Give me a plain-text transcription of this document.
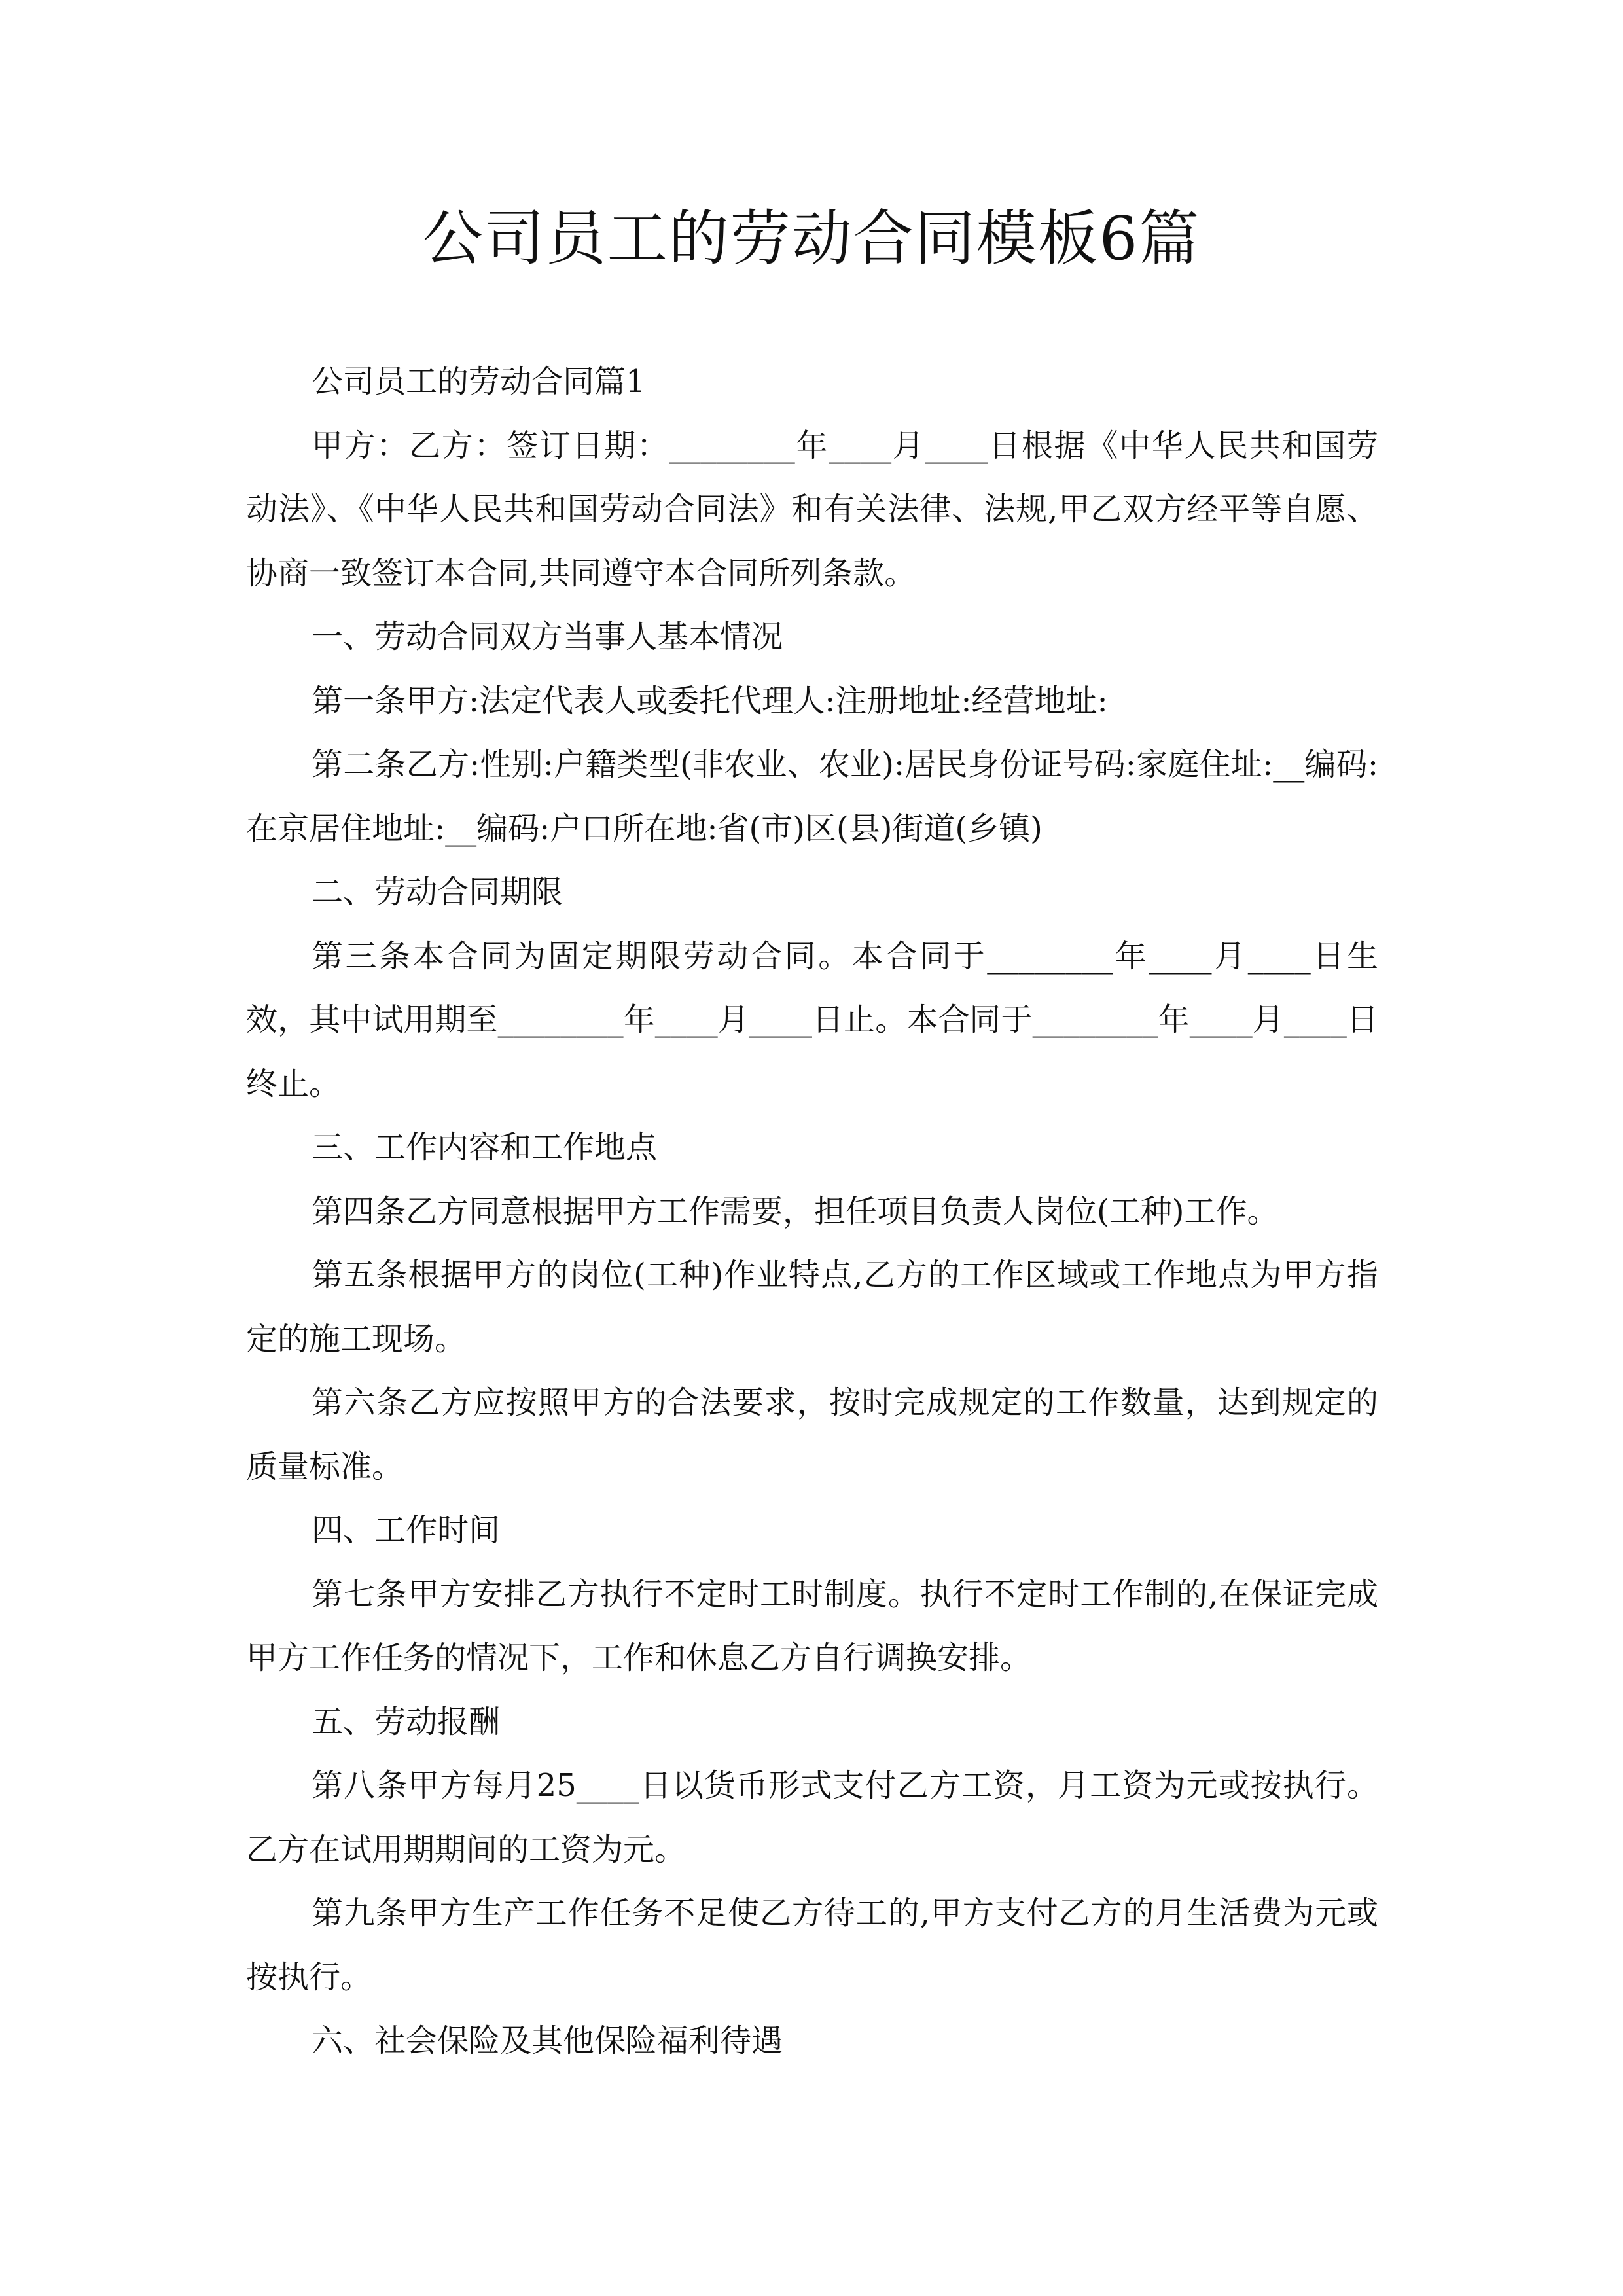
公司员工的劳动合同模板6篇

公司员工的劳动合同篇1

甲方：乙方：签订日期：________年____月____日根据《中华人民共和国劳动法》、《中华人民共和国劳动合同法》和有关法律、法规,甲乙双方经平等自愿、协商一致签订本合同,共同遵守本合同所列条款。

一、劳动合同双方当事人基本情况

第一条甲方:法定代表人或委托代理人:注册地址:经营地址:

第二条乙方:性别:户籍类型(非农业、农业):居民身份证号码:家庭住址:__编码:在京居住地址:__编码:户口所在地:省(市)区(县)街道(乡镇)

二、劳动合同期限

第三条本合同为固定期限劳动合同。本合同于________年____月____日生效，其中试用期至________年____月____日止。本合同于________年____月____日终止。

三、工作内容和工作地点

第四条乙方同意根据甲方工作需要，担任项目负责人岗位(工种)工作。

第五条根据甲方的岗位(工种)作业特点,乙方的工作区域或工作地点为甲方指定的施工现场。

第六条乙方应按照甲方的合法要求，按时完成规定的工作数量，达到规定的质量标准。

四、工作时间

第七条甲方安排乙方执行不定时工时制度。执行不定时工作制的,在保证完成甲方工作任务的情况下，工作和休息乙方自行调换安排。

五、劳动报酬

第八条甲方每月25____日以货币形式支付乙方工资，月工资为元或按执行。乙方在试用期期间的工资为元。

第九条甲方生产工作任务不足使乙方待工的,甲方支付乙方的月生活费为元或按执行。

六、社会保险及其他保险福利待遇
